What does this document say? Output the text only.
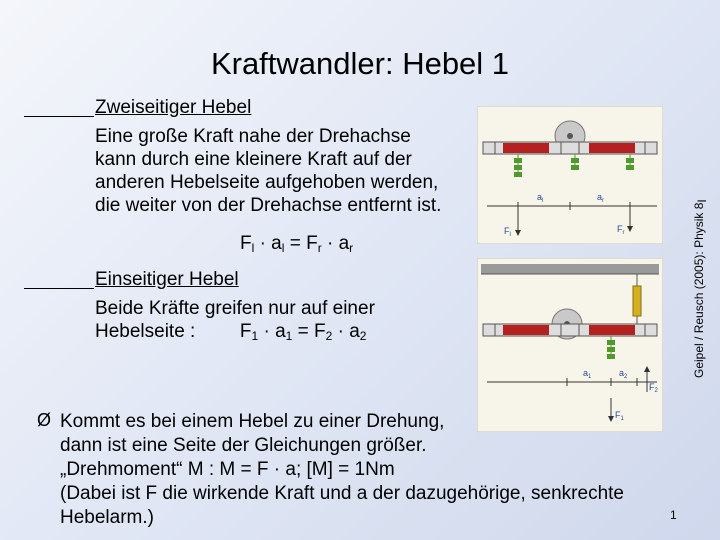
Kraftwandler: Hebel 1
Zweiseitiger Hebel
Eine große Kraft nahe der Drehachse
kann durch eine kleinere Kraft auf der
anderen Hebelseite aufgehoben werden,
die weiter von der Drehachse entfernt ist.
$F_l \cdot a_l = F_r \cdot a_r$
Einseitiger Hebel
Beide Kräfte greifen nur auf einer
Hebelseite : $F_1 \cdot a_1 = F_2 \cdot a_2$
Ø Kommt es bei einem Hebel zu einer Drehung,
dann ist eine Seite der Gleichungen größer.
„Drehmoment“ M : M = F · a; [M] = 1Nm
(Dabei ist F die wirkende Kraft und a der dazugehörige, senkrechte
Hebelarm.)
$a_l$	$a_r$
$F_l$
$F_r$
$a_1$	$a_2$
$F_1$
$F_2$
Geipel / Reusch (2005): Physik $8_I$
1
